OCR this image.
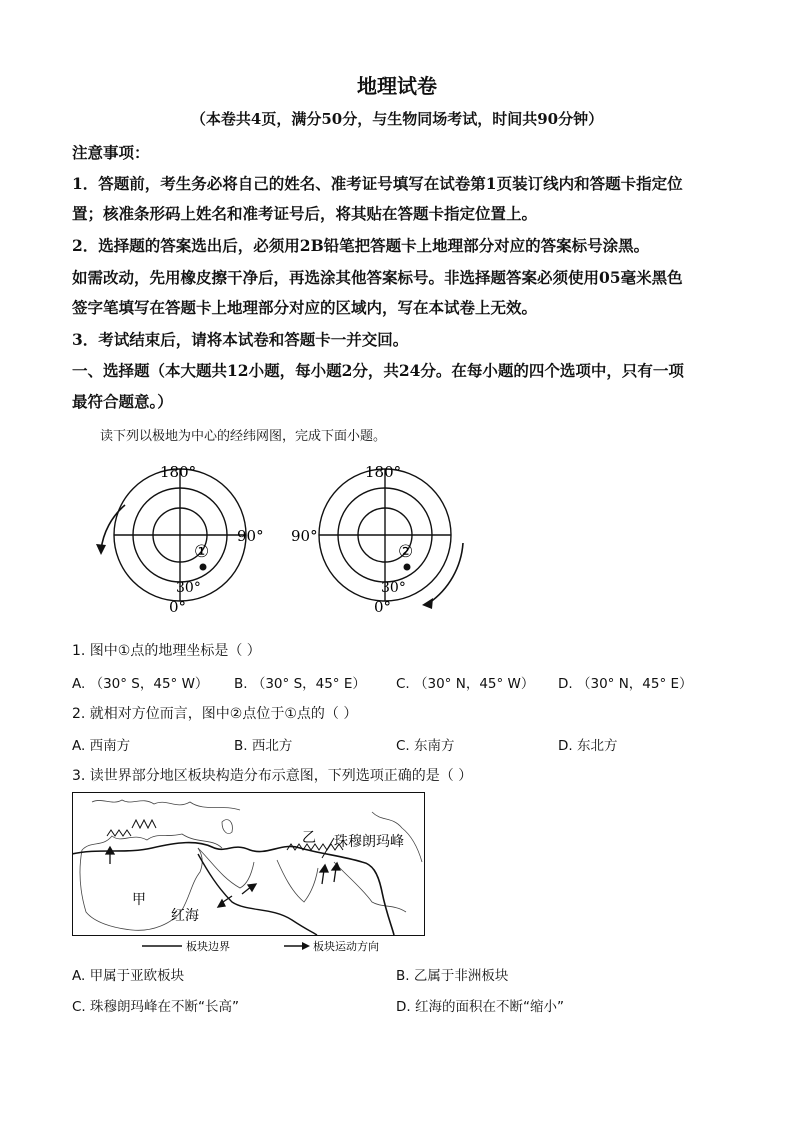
地理试卷
（本卷共4页，满分50分，与生物同场考试，时间共90分钟）
注意事项：
1．答题前，考生务必将自己的姓名、准考证号填写在试卷第1页装订线内和答题卡指定位
置；核准条形码上姓名和准考证号后，将其贴在答题卡指定位置上。
2．选择题的答案选出后，必须用2B铅笔把答题卡上地理部分对应的答案标号涂黑。
如需改动，先用橡皮擦干净后，再选涂其他答案标号。非选择题答案必须使用05毫米黑色
签字笔填写在答题卡上地理部分对应的区域内，写在本试卷上无效。
3．考试结束后，请将本试卷和答题卡一并交回。
一、选择题（本大题共12小题，每小题2分，共24分。在每小题的四个选项中，只有一项
最符合题意。）
读下列以极地为中心的经纬网图，完成下面小题。
180°
90°
30°
0°
①
180°
90°
30°
0°
②
1. 图中①点的地理坐标是（ ）
A. （30° S，45° W） B. （30° S，45° E） C. （30° N，45° W） D. （30° N，45° E）
2. 就相对方位而言，图中②点位于①点的（ ）
A. 西南方	B. 西北方	C. 东南方	D. 东北方
3. 读世界部分地区板块构造分布示意图，下列选项正确的是（ ）
甲
乙 珠穆朗玛峰
红海
板块边界	板块运动方向
A. 甲属于亚欧板块	B. 乙属于非洲板块
C. 珠穆朗玛峰在不断“长高”	D. 红海的面积在不断“缩小”
